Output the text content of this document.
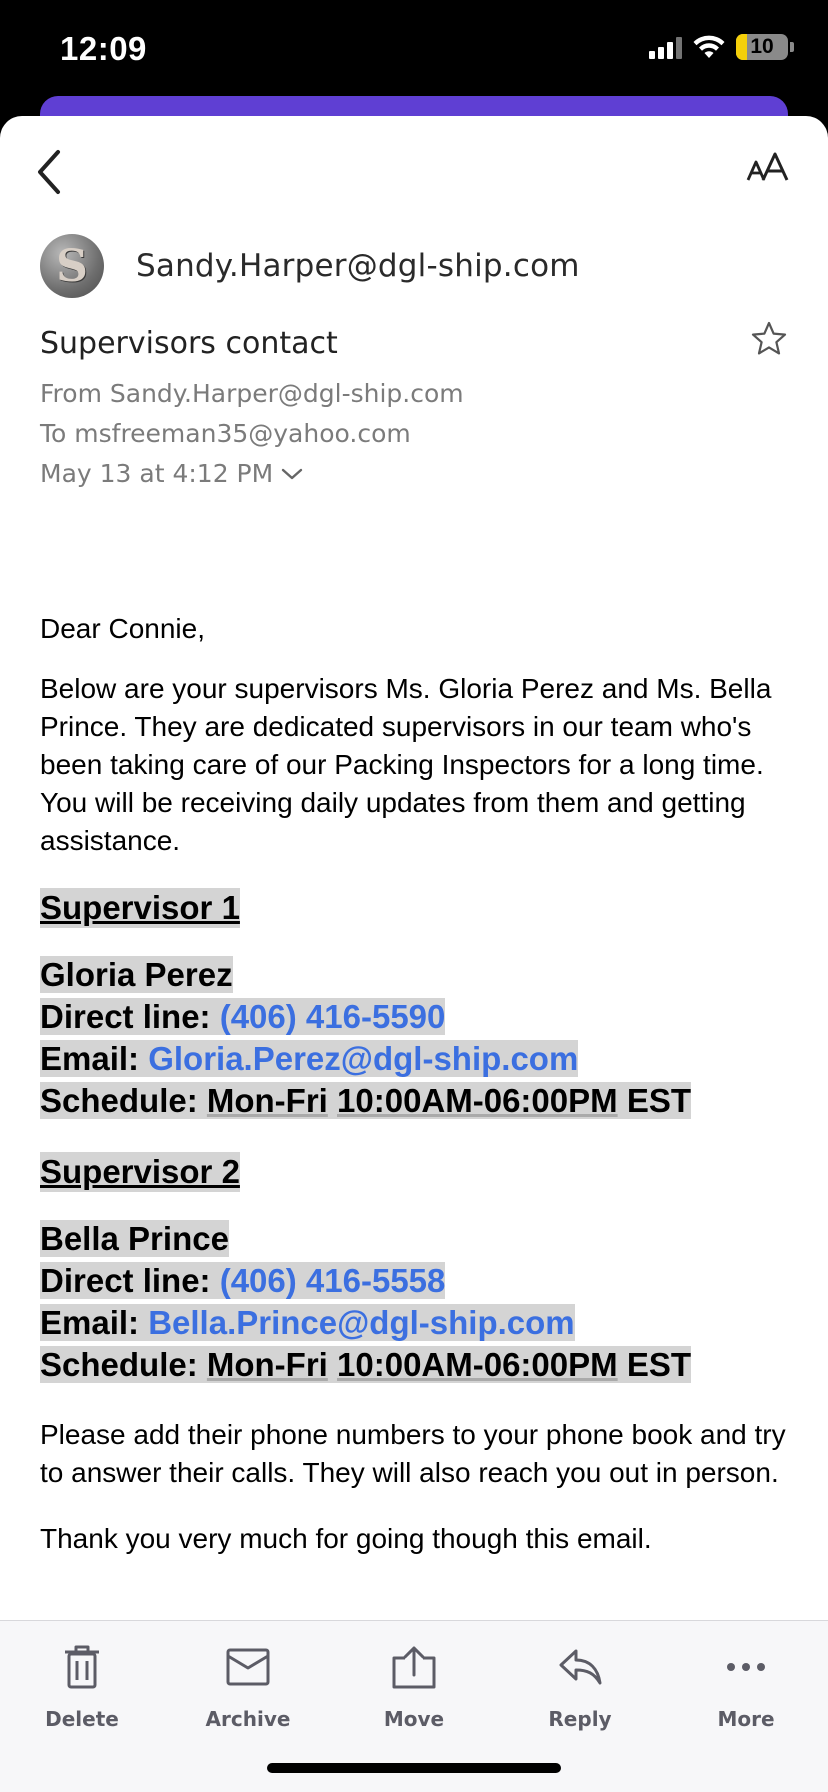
12:09	10
S	Sandy.Harper@dgl-ship.com
Supervisors contact
From Sandy.Harper@dgl-ship.com
To msfreeman35@yahoo.com
May 13 at 4:12 PM

Dear Connie,

Below are your supervisors Ms. Gloria Perez and Ms. Bella Prince. They are dedicated supervisors in our team who's been taking care of our Packing Inspectors for a long time. You will be receiving daily updates from them and getting assistance.

Supervisor 1
Gloria Perez
Direct line: (406) 416-5590
Email: Gloria.Perez@dgl-ship.com
Schedule: Mon-Fri 10:00AM-06:00PM EST
Supervisor 2
Bella Prince
Direct line: (406) 416-5558
Email: Bella.Prince@dgl-ship.com
Schedule: Mon-Fri 10:00AM-06:00PM EST

Please add their phone numbers to your phone book and try to answer their calls. They will also reach you out in person.

Thank you very much for going though this email.

Delete	Archive	Move	Reply	More
